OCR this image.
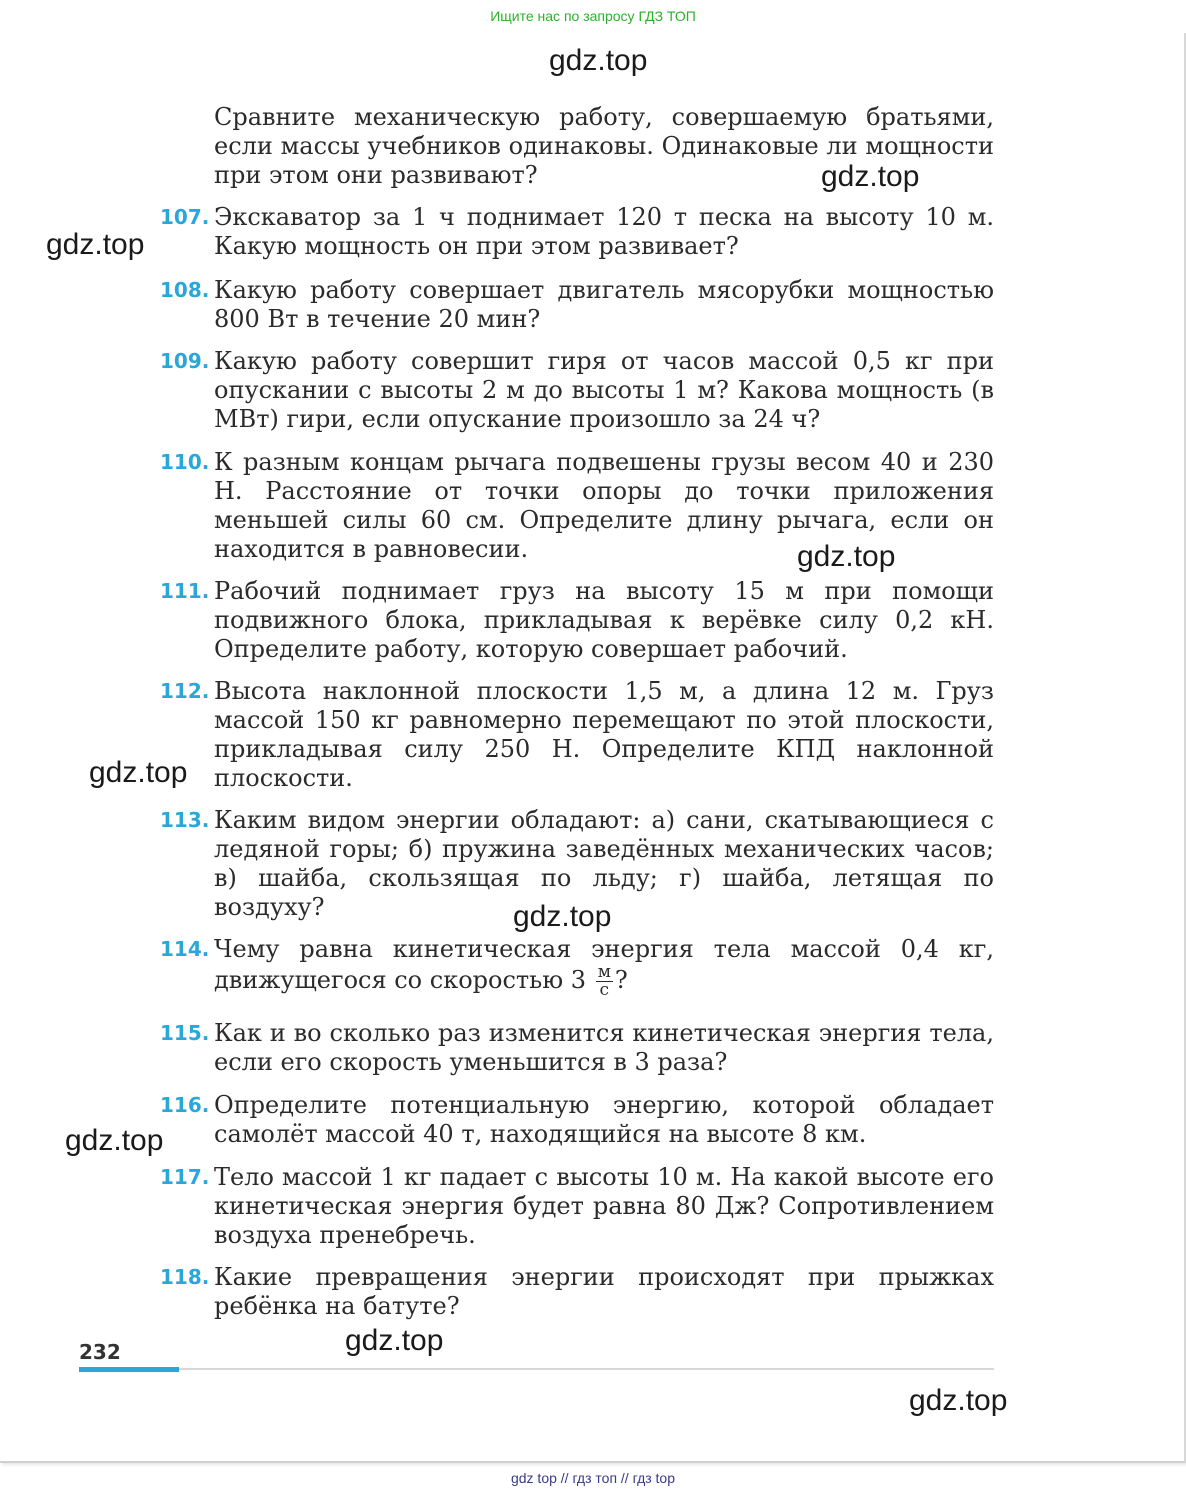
Ищите нас по запросу ГДЗ ТОП
gdz.top
gdz.top
gdz.top
gdz.top
gdz.top
gdz.top
gdz.top
gdz.top
gdz.top
Сравните механическую работу, совершаемую братьями, если массы учебников одинаковы. Одинаковые ли мощности при этом они развивают?
107. Экскаватор за 1 ч поднимает 120 т песка на высоту 10 м. Какую мощность он при этом развивает?
108. Какую работу совершает двигатель мясорубки мощностью 800 Вт в течение 20 мин?
109. Какую работу совершит гиря от часов массой 0,5 кг при опускании с высоты 2 м до высоты 1 м? Какова мощность (в МВт) гири, если опускание произошло за 24 ч?
110. К разным концам рычага подвешены грузы весом 40 и 230 Н. Расстояние от точки опоры до точки приложения меньшей силы 60 см. Определите длину рычага, если он находится в равновесии.
111. Рабочий поднимает груз на высоту 15 м при помощи подвижного блока, прикладывая к верёвке силу 0,2 кН. Определите работу, которую совершает рабочий.
112. Высота наклонной плоскости 1,5 м, а длина 12 м. Груз массой 150 кг равномерно перемещают по этой плоскости, прикладывая силу 250 Н. Определите КПД наклонной плоскости.
113. Каким видом энергии обладают: а) сани, скатывающиеся с ледяной горы; б) пружина заведённых механических часов; в) шайба, скользящая по льду; г) шайба, летящая по воздуху?
114. Чему равна кинетическая энергия тела массой 0,4 кг, движущегося со скоростью $3 \frac{м}{с}$ ?
115. Как и во сколько раз изменится кинетическая энергия тела, если его скорость уменьшится в 3 раза?
116. Определите потенциальную энергию, которой обладает самолёт массой 40 т, находящийся на высоте 8 км.
117. Тело массой 1 кг падает с высоты 10 м. На какой высоте его кинетическая энергия будет равна 80 Дж? Сопротивлением воздуха пренебречь.
118. Какие превращения энергии происходят при прыжках ребёнка на батуте?
232
gdz top // гдз топ // гдз top
